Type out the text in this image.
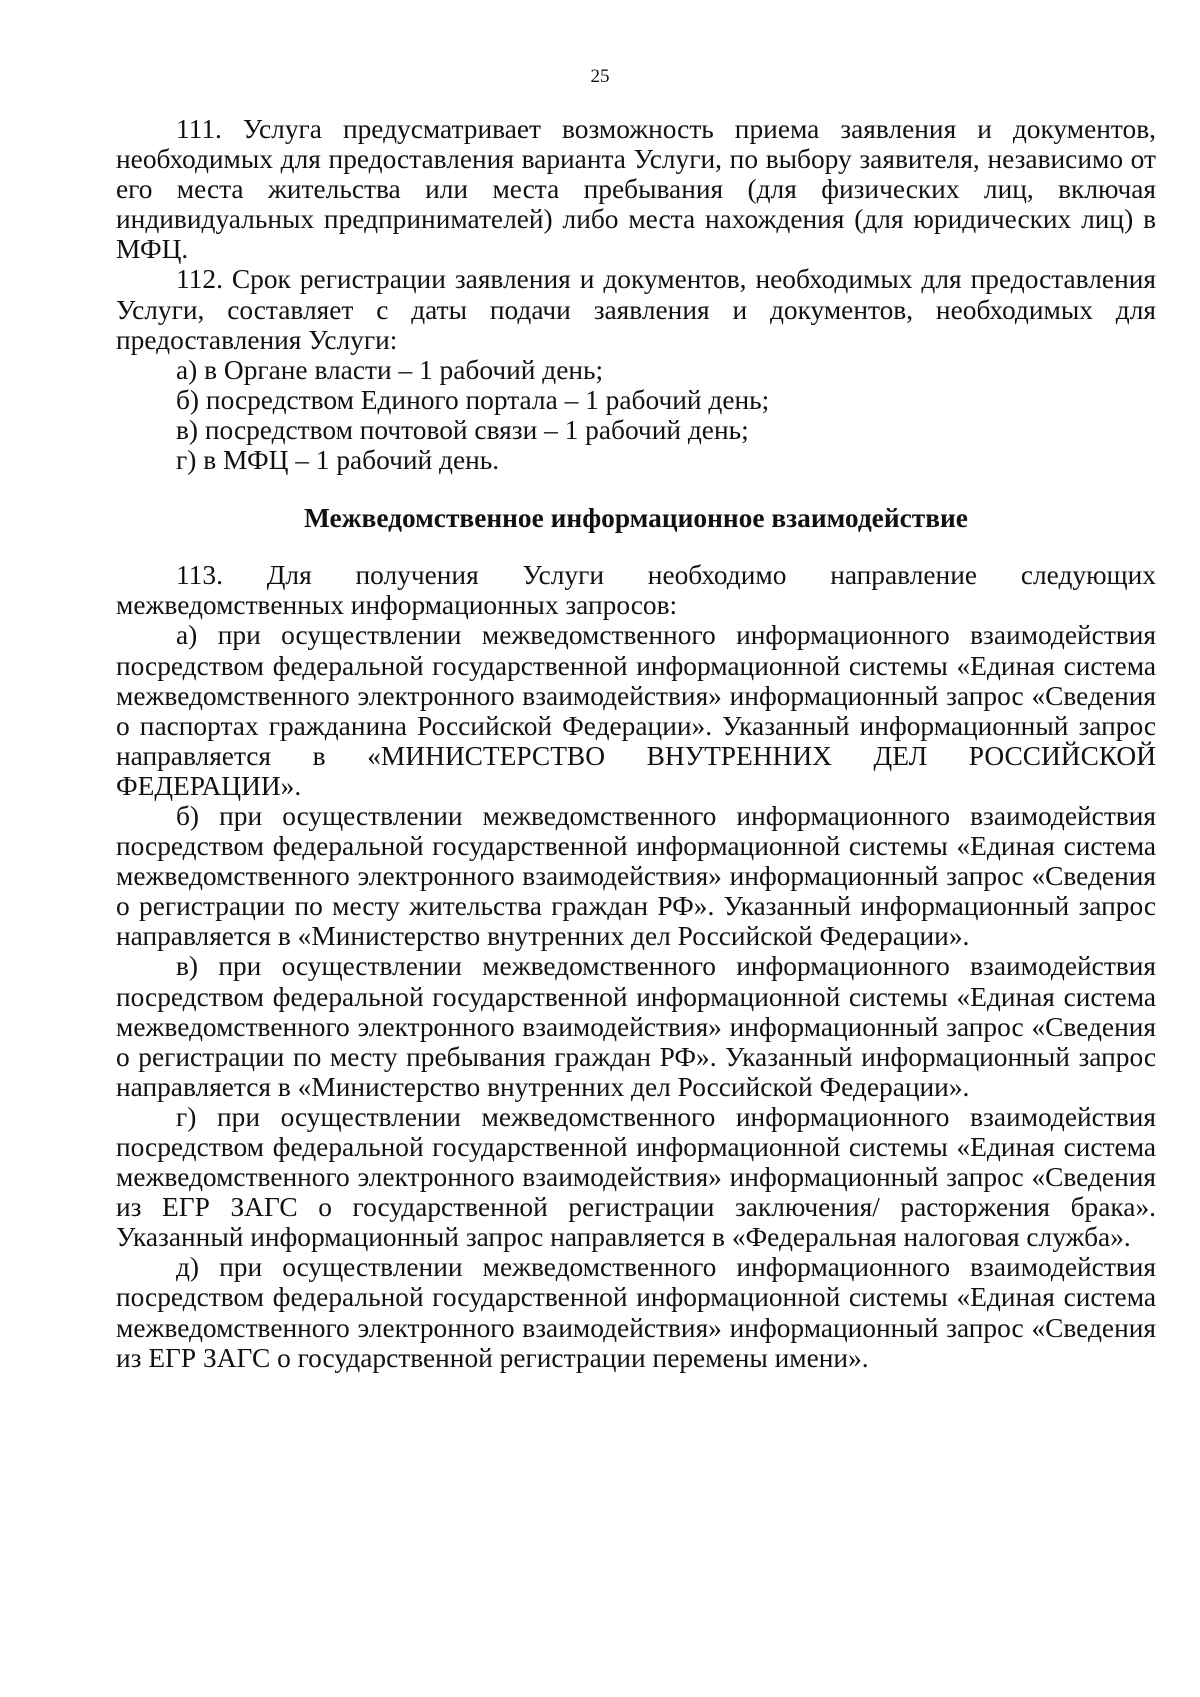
25

111. Услуга предусматривает возможность приема заявления и документов, необходимых для предоставления варианта Услуги, по выбору заявителя, независимо от его места жительства или места пребывания (для физических лиц, включая индивидуальных предпринимателей) либо места нахождения (для юридических лиц) в МФЦ.

112. Срок регистрации заявления и документов, необходимых для предоставления Услуги, составляет с даты подачи заявления и документов, необходимых для предоставления Услуги:

а) в Органе власти – 1 рабочий день;

б) посредством Единого портала – 1 рабочий день;

в) посредством почтовой связи – 1 рабочий день;

г) в МФЦ – 1 рабочий день.

Межведомственное информационное взаимодействие

113. Для получения Услуги необходимо направление следующих межведомственных информационных запросов:

а) при осуществлении межведомственного информационного взаимодействия посредством федеральной государственной информационной системы «Единая система межведомственного электронного взаимодействия» информационный запрос «Сведения о паспортах гражданина Российской Федерации». Указанный информационный запрос направляется в «МИНИСТЕРСТВО ВНУТРЕННИХ ДЕЛ РОССИЙСКОЙ ФЕДЕРАЦИИ».

б) при осуществлении межведомственного информационного взаимодействия посредством федеральной государственной информационной системы «Единая система межведомственного электронного взаимодействия» информационный запрос «Сведения о регистрации по месту жительства граждан РФ». Указанный информационный запрос направляется в «Министерство внутренних дел Российской Федерации».

в) при осуществлении межведомственного информационного взаимодействия посредством федеральной государственной информационной системы «Единая система межведомственного электронного взаимодействия» информационный запрос «Сведения о регистрации по месту пребывания граждан РФ». Указанный информационный запрос направляется в «Министерство внутренних дел Российской Федерации».

г) при осуществлении межведомственного информационного взаимодействия посредством федеральной государственной информационной системы «Единая система межведомственного электронного взаимодействия» информационный запрос «Сведения из ЕГР ЗАГС о государственной регистрации заключения/ расторжения брака». Указанный информационный запрос направляется в «Федеральная налоговая служба».

д) при осуществлении межведомственного информационного взаимодействия посредством федеральной государственной информационной системы «Единая система межведомственного электронного взаимодействия» информационный запрос «Сведения из ЕГР ЗАГС о государственной регистрации перемены имени».
